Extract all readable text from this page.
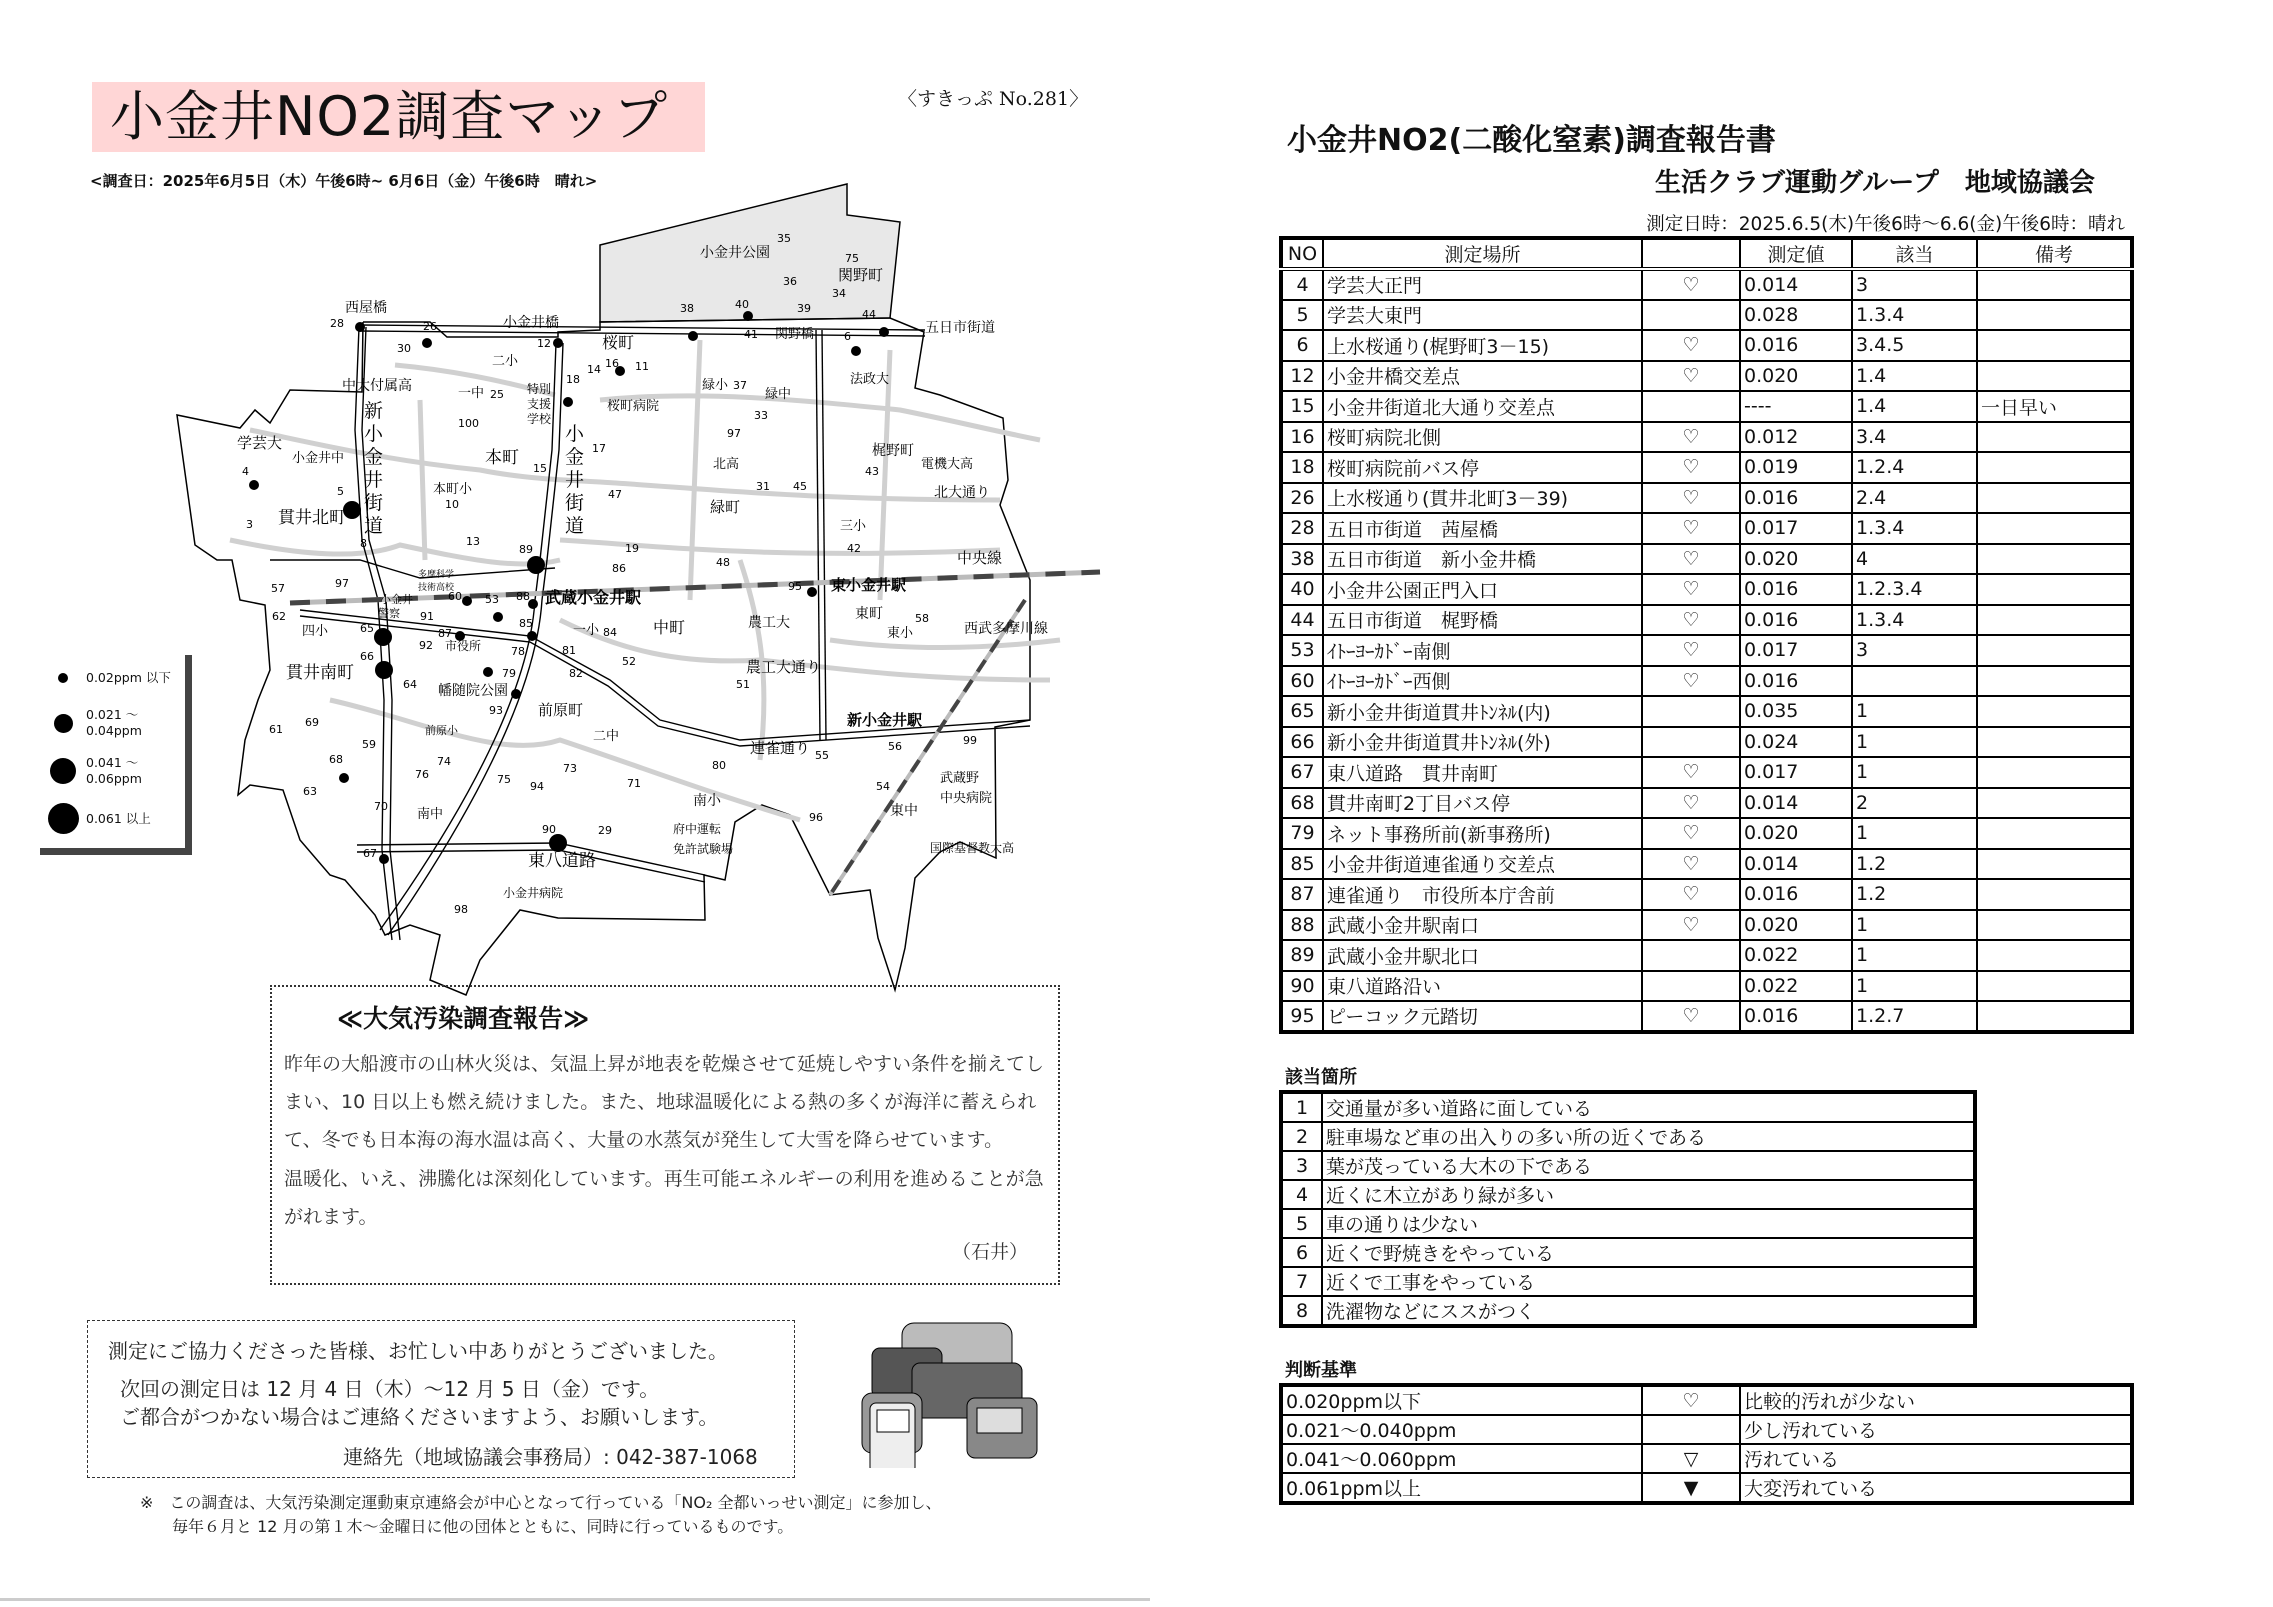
小金井NO2調査マップ	〈すきっぷ No.281〉
<調査日：2025年6月5日（木）午後6時~ 6月6日（金）午後6時　晴れ>
西屋橋
小金井橋
中大付属高
二小
一中	特別
支援
学校
学芸大
小金井中
貫井北町
本町
本町小
桜町
桜町病院
小金井公園
関野町
五日市街道
関野橋
法政大
緑小
緑中
北高
梶野町
電機大高
北大通り
緑町
三小
中央線
東小金井駅
武蔵小金井駅
四小
市役所
貫井南町
幡随院公園
前原町
二中
前原小
南中
東八道路
小金井病院
中町
一小
東町
東小	西武多摩川線
農工大
農工大通り
新小金井駅
連雀通り
南小
府中運転
免許試験場
東中
武蔵野
中央病院
国際基督教大高
多摩科学
技術高校
小金井
警察
新
小
金
井
街
道
小
金
井
街
道
28	26
30	12
25
100
4
5
3
10
15
13
8	89
17
47
19
86
14 16 11
18
97
57
35
75
36
34
38	40	39	44
41	6
37
33
97
43
31 45
42
48
95
60 53 88
62
65
66
87
85
92	78
64
79
93
61
69
59
74
68
63
76	75
94
73
71
70
90	29
67
98
84
81
52
82
58
51
55
80
96
56	99
54
91
0.02ppm 以下
0.021 ～
0.04ppm
0.041 ～
0.06ppm
0.061 以上
≪大気汚染調査報告≫
昨年の大船渡市の山林火災は、気温上昇が地表を乾燥させて延焼しやすい条件を揃えてし
まい、10 日以上も燃え続けました。また、地球温暖化による熱の多くが海洋に蓄えられ
て、冬でも日本海の海水温は高く、大量の水蒸気が発生して大雪を降らせています。
温暖化、いえ、沸騰化は深刻化しています。再生可能エネルギーの利用を進めることが急
がれます。
（石井）
測定にご協力くださった皆様、お忙しい中ありがとうございました。
次回の測定日は 12 月 4 日（木）～12 月 5 日（金）です。
ご都合がつかない場合はご連絡くださいますよう、お願いします。
連絡先（地域協議会事務局）: 042-387-1068
※　この調査は、大気汚染測定運動東京連絡会が中心となって行っている「NO₂ 全都いっせい測定」に参加し、
毎年６月と 12 月の第１木～金曜日に他の団体とともに、同時に行っているものです。
小金井NO2(二酸化窒素)調査報告書
生活クラブ運動グループ　地域協議会
測定日時：2025.6.5(木)午後6時～6.6(金)午後6時：晴れ
NO	測定場所		測定値	該当	備考
4	学芸大正門	♡	0.014	3	
5	学芸大東門		0.028	1.3.4	
6	上水桜通り(梶野町3－15)	♡	0.016	3.4.5	
12	小金井橋交差点	♡	0.020	1.4	
15	小金井街道北大通り交差点		----	1.4	一日早い
16	桜町病院北側	♡	0.012	3.4	
18	桜町病院前バス停	♡	0.019	1.2.4	
26	上水桜通り(貫井北町3－39)	♡	0.016	2.4	
28	五日市街道　茜屋橋	♡	0.017	1.3.4	
38	五日市街道　新小金井橋	♡	0.020	4	
40	小金井公園正門入口	♡	0.016	1.2.3.4	
44	五日市街道　梶野橋	♡	0.016	1.3.4	
53	ｲﾄｰﾖｰｶﾄﾞｰ南側	♡	0.017	3	
60	ｲﾄｰﾖｰｶﾄﾞｰ西側	♡	0.016		
65	新小金井街道貫井ﾄﾝﾈﾙ(内)		0.035	1	
66	新小金井街道貫井ﾄﾝﾈﾙ(外)		0.024	1	
67	東八道路　貫井南町	♡	0.017	1	
68	貫井南町2丁目バス停	♡	0.014	2	
79	ネット事務所前(新事務所)	♡	0.020	1	
85	小金井街道連雀通り交差点	♡	0.014	1.2	
87	連雀通り　市役所本庁舎前	♡	0.016	1.2	
88	武蔵小金井駅南口	♡	0.020	1	
89	武蔵小金井駅北口		0.022	1	
90	東八道路沿い		0.022	1	
95	ピーコック元踏切	♡	0.016	1.2.7	
該当箇所
1	交通量が多い道路に面している
2	駐車場など車の出入りの多い所の近くである
3	葉が茂っている大木の下である
4	近くに木立があり緑が多い
5	車の通りは少ない
6	近くで野焼きをやっている
7	近くで工事をやっている
8	洗濯物などにススがつく
判断基準
0.020ppm以下	♡	比較的汚れが少ない
0.021～0.040ppm		少し汚れている
0.041～0.060ppm	▽	汚れている
0.061ppm以上	▼	大変汚れている
